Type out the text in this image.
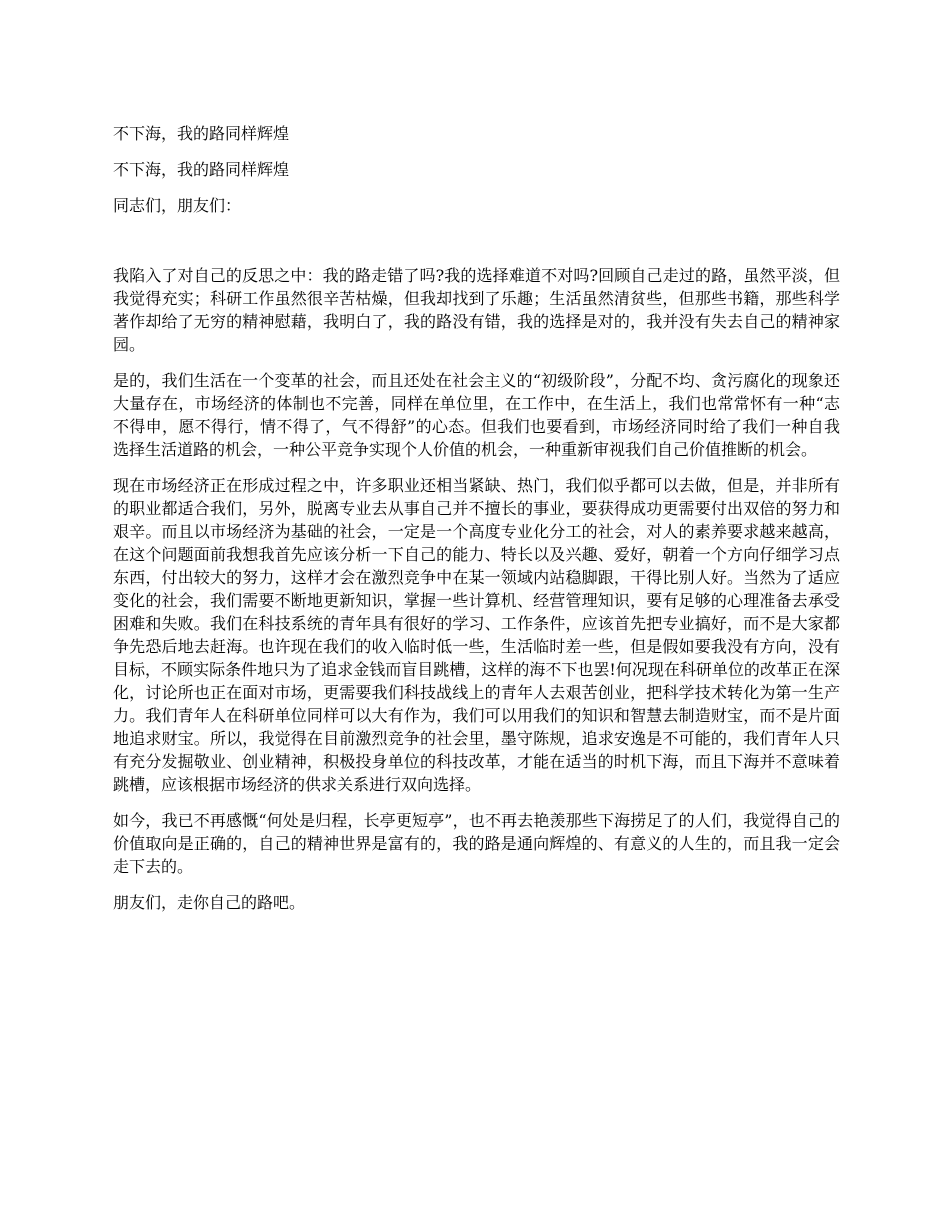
不下海，我的路同样辉煌

不下海，我的路同样辉煌

同志们，朋友们：

我陷入了对自己的反思之中：我的路走错了吗?我的选择难道不对吗?回顾自己走过的路，虽然平淡，但我觉得充实；科研工作虽然很辛苦枯燥，但我却找到了乐趣；生活虽然清贫些，但那些书籍，那些科学著作却给了无穷的精神慰藉，我明白了，我的路没有错，我的选择是对的，我并没有失去自己的精神家园。

是的，我们生活在一个变革的社会，而且还处在社会主义的“初级阶段”，分配不均、贪污腐化的现象还大量存在，市场经济的体制也不完善，同样在单位里，在工作中，在生活上，我们也常常怀有一种“志不得申，愿不得行，情不得了，气不得舒”的心态。但我们也要看到，市场经济同时给了我们一种自我选择生活道路的机会，一种公平竞争实现个人价值的机会，一种重新审视我们自己价值推断的机会。

现在市场经济正在形成过程之中，许多职业还相当紧缺、热门，我们似乎都可以去做，但是，并非所有的职业都适合我们，另外，脱离专业去从事自己并不擅长的事业，要获得成功更需要付出双倍的努力和艰辛。而且以市场经济为基础的社会，一定是一个高度专业化分工的社会，对人的素养要求越来越高，在这个问题面前我想我首先应该分析一下自己的能力、特长以及兴趣、爱好，朝着一个方向仔细学习点东西，付出较大的努力，这样才会在激烈竞争中在某一领域内站稳脚跟，干得比别人好。当然为了适应变化的社会，我们需要不断地更新知识，掌握一些计算机、经营管理知识，要有足够的心理准备去承受困难和失败。我们在科技系统的青年具有很好的学习、工作条件，应该首先把专业搞好，而不是大家都争先恐后地去赶海。也许现在我们的收入临时低一些，生活临时差一些，但是假如要我没有方向，没有目标，不顾实际条件地只为了追求金钱而盲目跳槽，这样的海不下也罢!何况现在科研单位的改革正在深化，讨论所也正在面对市场，更需要我们科技战线上的青年人去艰苦创业，把科学技术转化为第一生产力。我们青年人在科研单位同样可以大有作为，我们可以用我们的知识和智慧去制造财宝，而不是片面地追求财宝。所以，我觉得在目前激烈竞争的社会里，墨守陈规，追求安逸是不可能的，我们青年人只有充分发掘敬业、创业精神，积极投身单位的科技改革，才能在适当的时机下海，而且下海并不意味着跳槽，应该根据市场经济的供求关系进行双向选择。

如今，我已不再感慨“何处是归程，长亭更短亭”，也不再去艳羡那些下海捞足了的人们，我觉得自己的价值取向是正确的，自己的精神世界是富有的，我的路是通向辉煌的、有意义的人生的，而且我一定会走下去的。

朋友们，走你自己的路吧。
